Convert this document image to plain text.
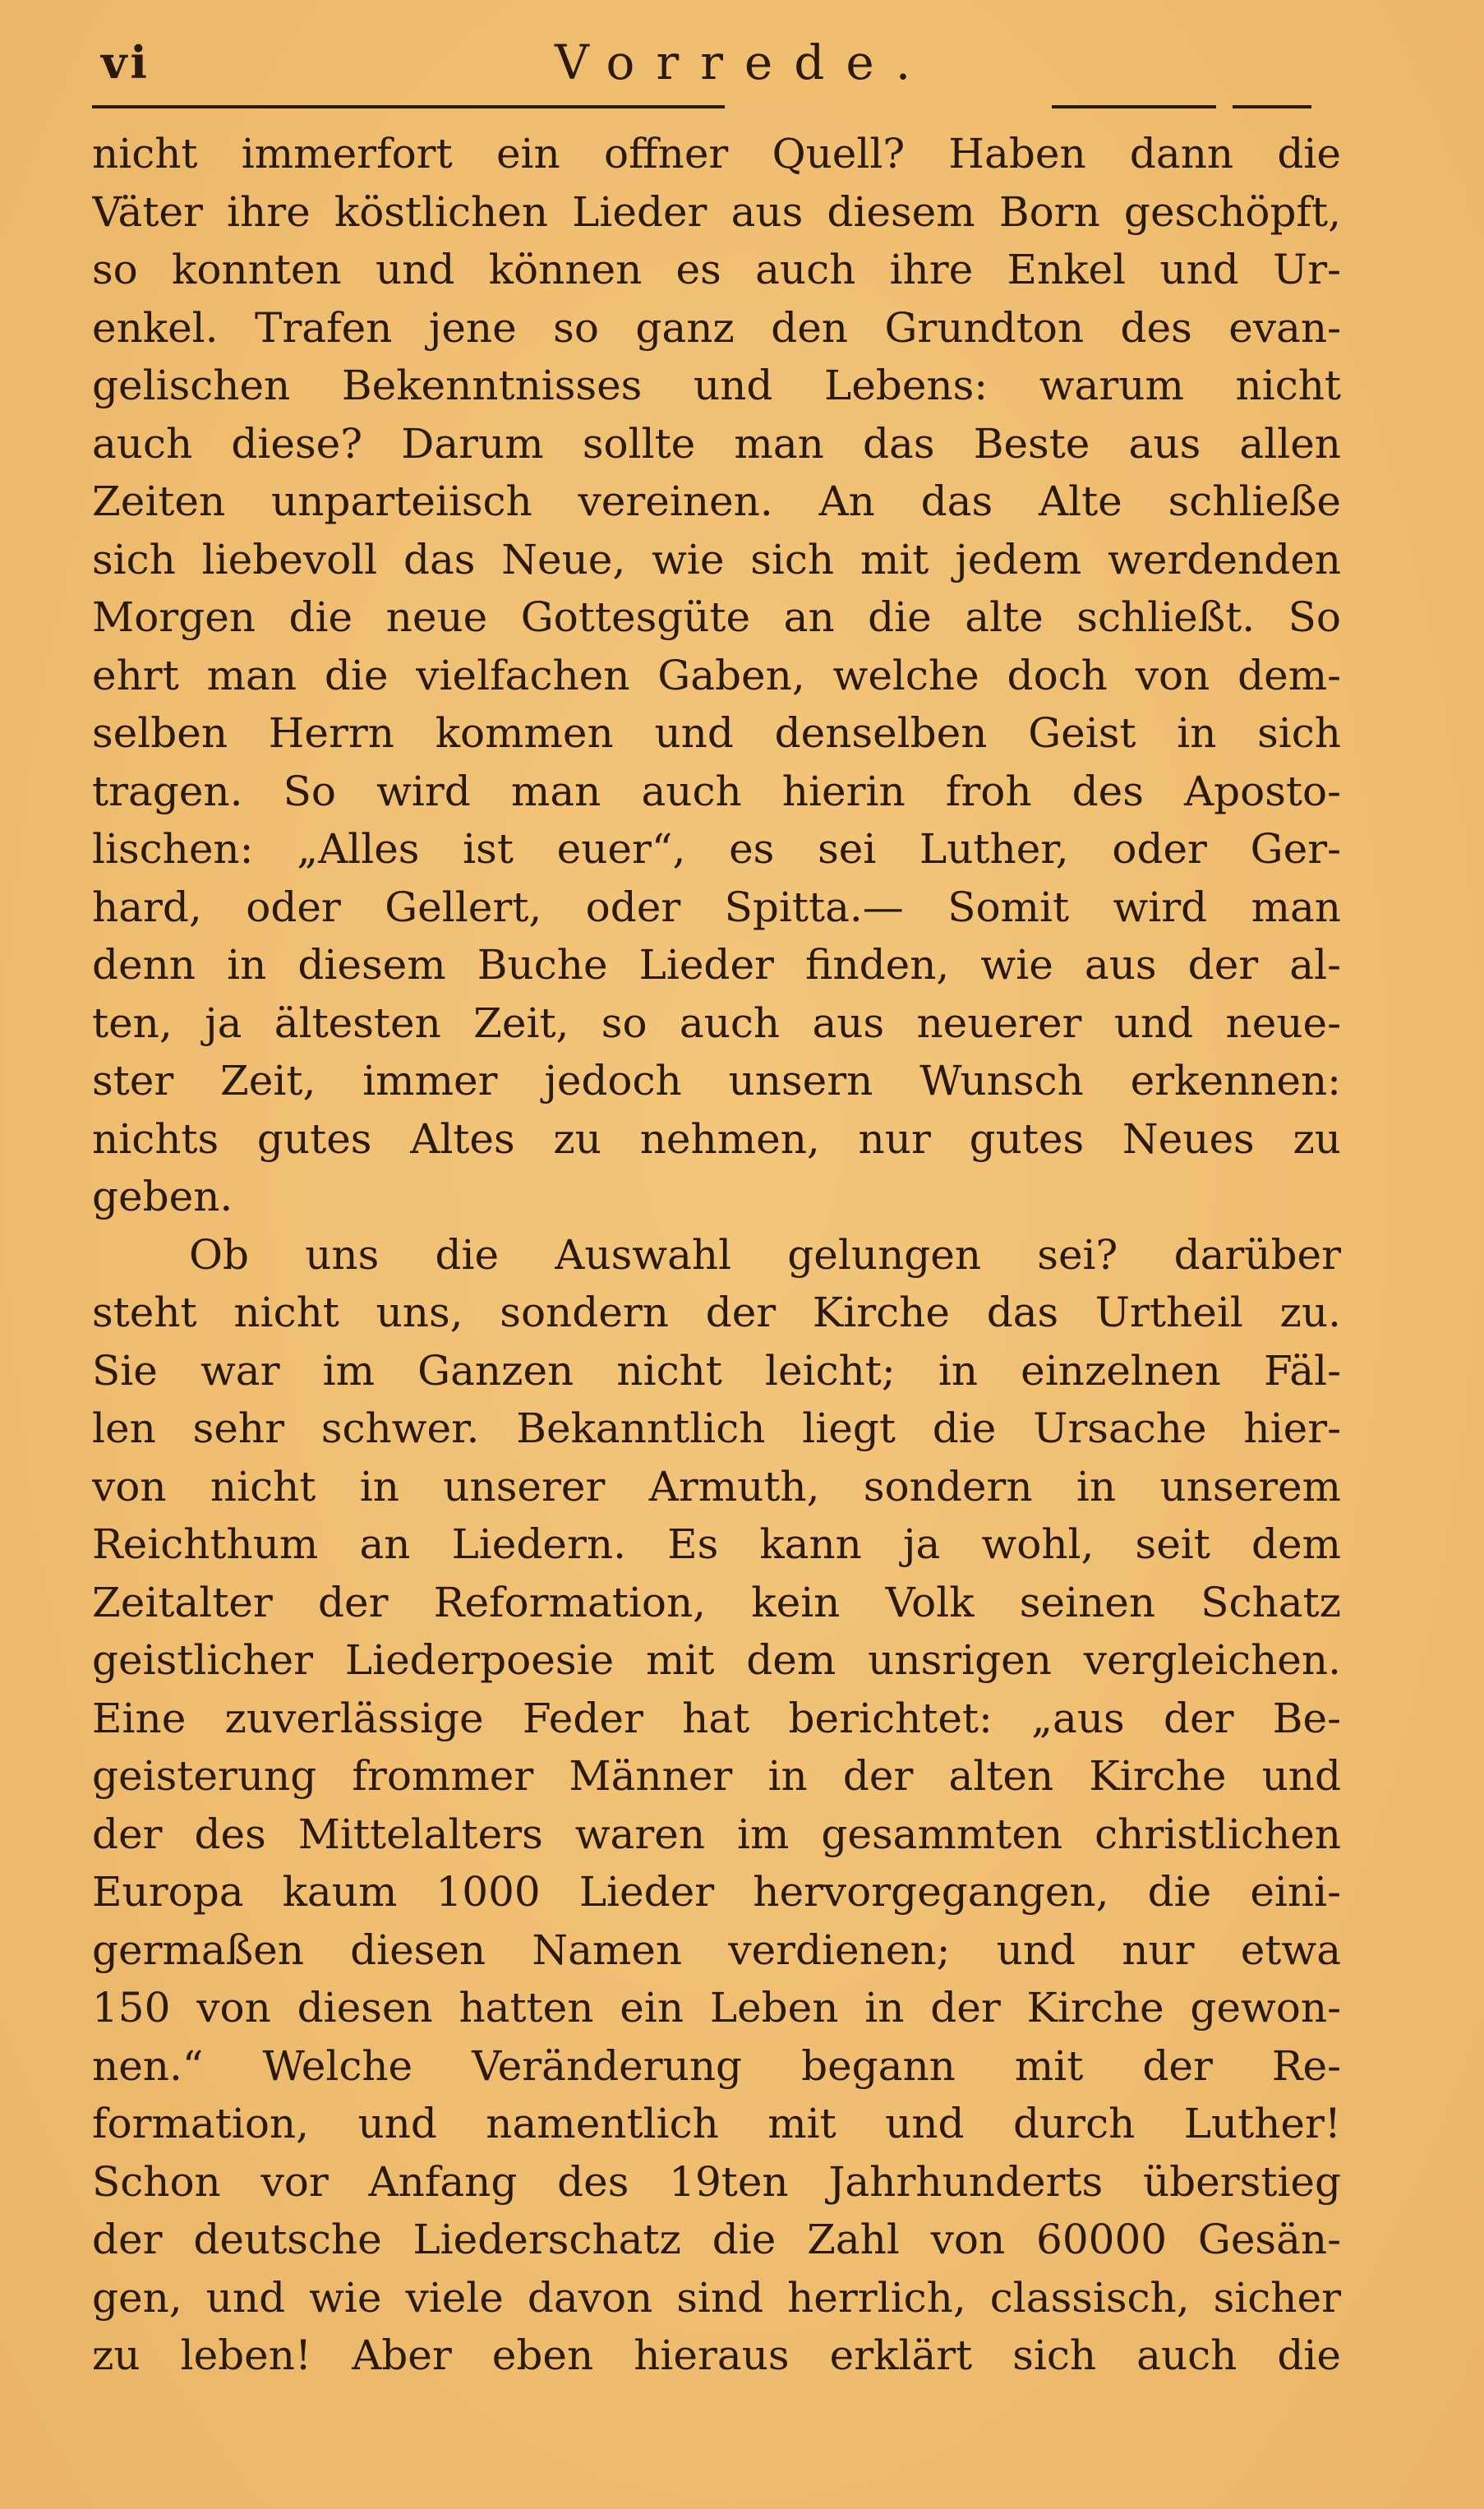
vi	Vorrede.
nicht immerfort ein offner Quell? Haben dann die
Väter ihre köstlichen Lieder aus diesem Born geschöpft,
so konnten und können es auch ihre Enkel und Ur-
enkel. Trafen jene so ganz den Grundton des evan-
gelischen Bekenntnisses und Lebens: warum nicht
auch diese? Darum sollte man das Beste aus allen
Zeiten unparteiisch vereinen. An das Alte schließe
sich liebevoll das Neue, wie sich mit jedem werdenden
Morgen die neue Gottesgüte an die alte schließt. So
ehrt man die vielfachen Gaben, welche doch von dem-
selben Herrn kommen und denselben Geist in sich
tragen. So wird man auch hierin froh des Aposto-
lischen: „Alles ist euer“, es sei Luther, oder Ger-
hard, oder Gellert, oder Spitta.— Somit wird man
denn in diesem Buche Lieder finden, wie aus der al-
ten, ja ältesten Zeit, so auch aus neuerer und neue-
ster Zeit, immer jedoch unsern Wunsch erkennen:
nichts gutes Altes zu nehmen, nur gutes Neues zu
geben.
Ob uns die Auswahl gelungen sei? darüber
steht nicht uns, sondern der Kirche das Urtheil zu.
Sie war im Ganzen nicht leicht; in einzelnen Fäl-
len sehr schwer. Bekanntlich liegt die Ursache hier-
von nicht in unserer Armuth, sondern in unserem
Reichthum an Liedern. Es kann ja wohl, seit dem
Zeitalter der Reformation, kein Volk seinen Schatz
geistlicher Liederpoesie mit dem unsrigen vergleichen.
Eine zuverlässige Feder hat berichtet: „aus der Be-
geisterung frommer Männer in der alten Kirche und
der des Mittelalters waren im gesammten christlichen
Europa kaum 1000 Lieder hervorgegangen, die eini-
germaßen diesen Namen verdienen; und nur etwa
150 von diesen hatten ein Leben in der Kirche gewon-
nen.“ Welche Veränderung begann mit der Re-
formation, und namentlich mit und durch Luther!
Schon vor Anfang des 19ten Jahrhunderts überstieg
der deutsche Liederschatz die Zahl von 60000 Gesän-
gen, und wie viele davon sind herrlich, classisch, sicher
zu leben! Aber eben hieraus erklärt sich auch die
